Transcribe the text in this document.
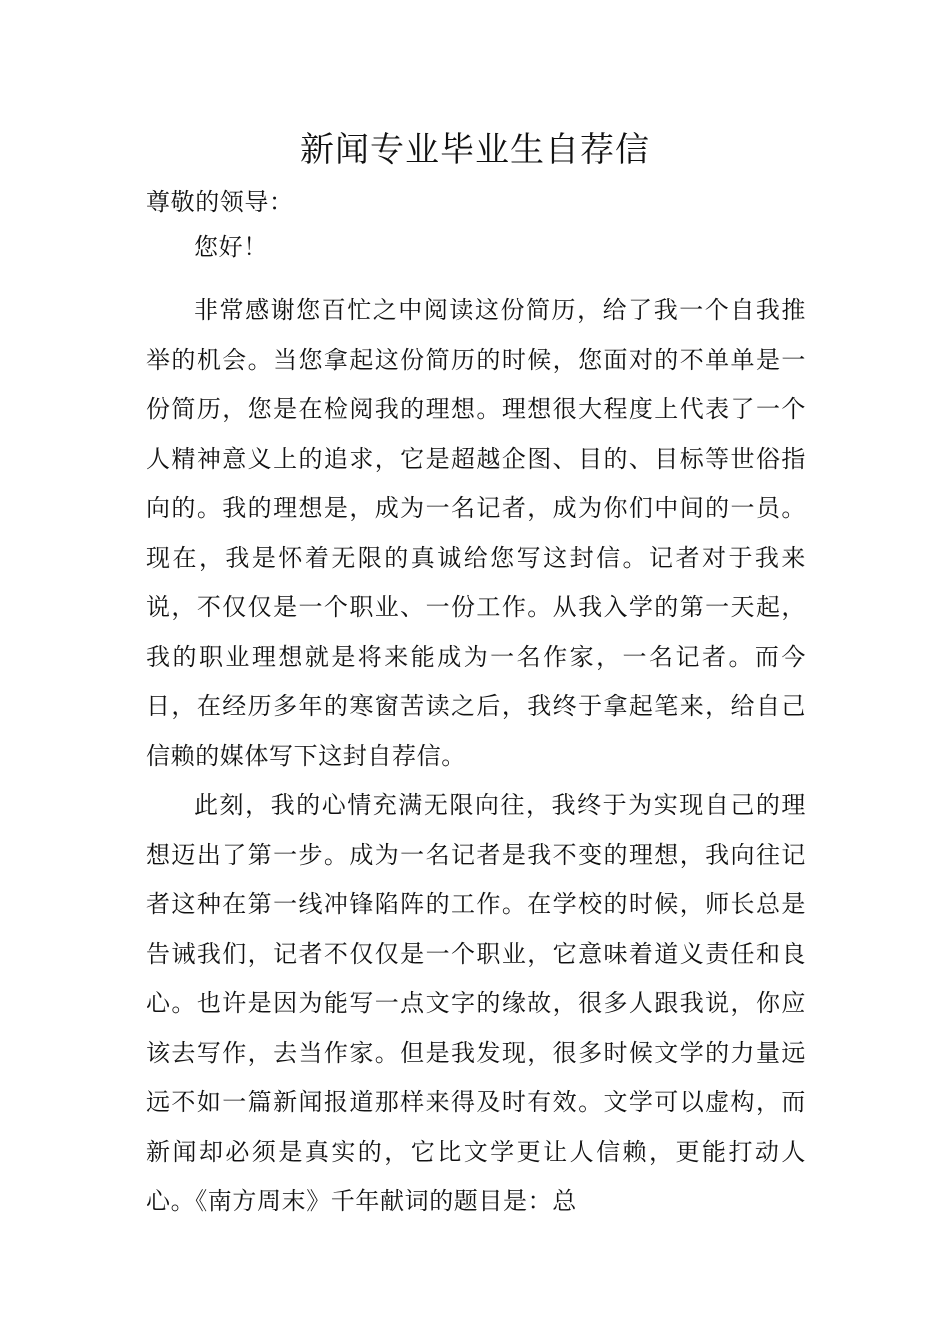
新闻专业毕业生自荐信

尊敬的领导：

您好！

非常感谢您百忙之中阅读这份简历，给了我一个自我推举的机会。当您拿起这份简历的时候，您面对的不单单是一份简历，您是在检阅我的理想。理想很大程度上代表了一个人精神意义上的追求，它是超越企图、目的、目标等世俗指向的。我的理想是，成为一名记者，成为你们中间的一员。现在，我是怀着无限的真诚给您写这封信。记者对于我来说，不仅仅是一个职业、一份工作。从我入学的第一天起，我的职业理想就是将来能成为一名作家，一名记者。而今日，在经历多年的寒窗苦读之后，我终于拿起笔来，给自己信赖的媒体写下这封自荐信。

此刻，我的心情充满无限向往，我终于为实现自己的理想迈出了第一步。成为一名记者是我不变的理想，我向往记者这种在第一线冲锋陷阵的工作。在学校的时候，师长总是告诫我们，记者不仅仅是一个职业，它意味着道义责任和良心。也许是因为能写一点文字的缘故，很多人跟我说，你应该去写作，去当作家。但是我发现，很多时候文学的力量远远不如一篇新闻报道那样来得及时有效。文学可以虚构，而新闻却必须是真实的，它比文学更让人信赖，更能打动人心。《南方周末》千年献词的题目是：总
